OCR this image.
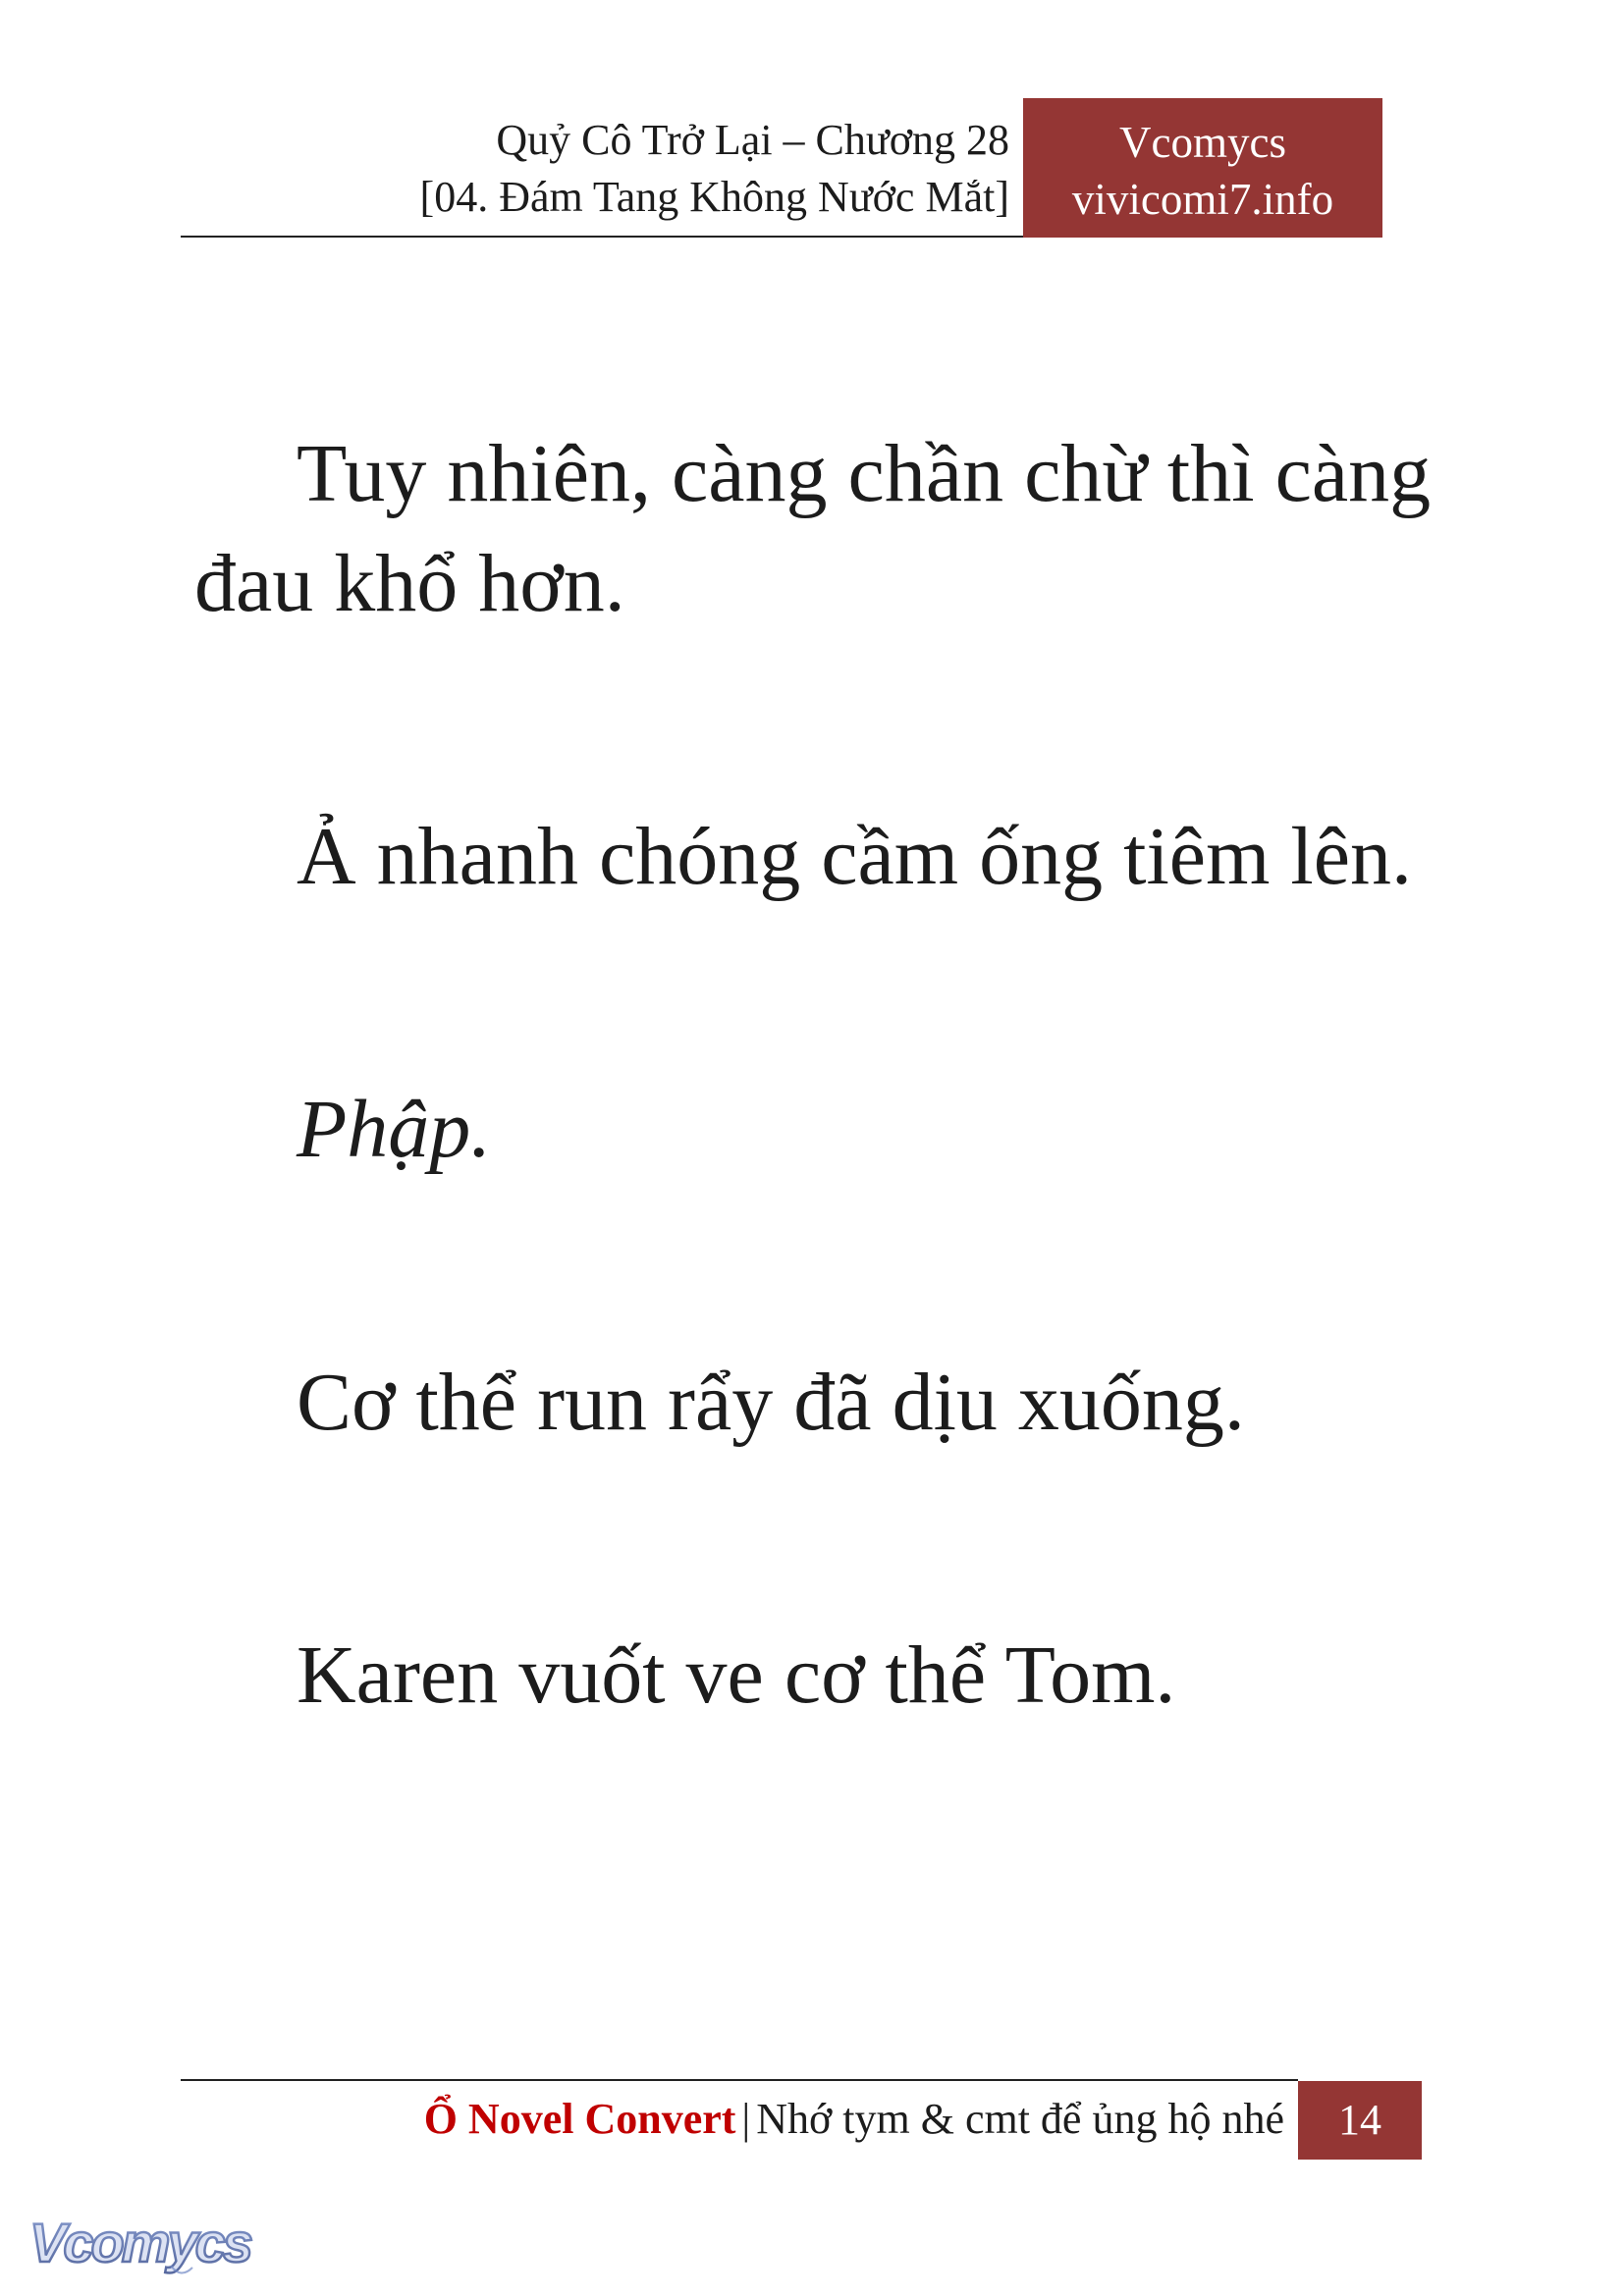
Quỷ Cô Trở Lại – Chương 28
[04. Đám Tang Không Nước Mắt]
Vcomycs
vivicomi7.info
Tuy nhiên, càng chần chừ thì càng
đau khổ hơn.
Ả nhanh chóng cầm ống tiêm lên.
Phập.
Cơ thể run rẩy đã dịu xuống.
Karen vuốt ve cơ thể Tom.
Ổ Novel Convert | Nhớ tym & cmt để ủng hộ nhé	14
Vcomycs
